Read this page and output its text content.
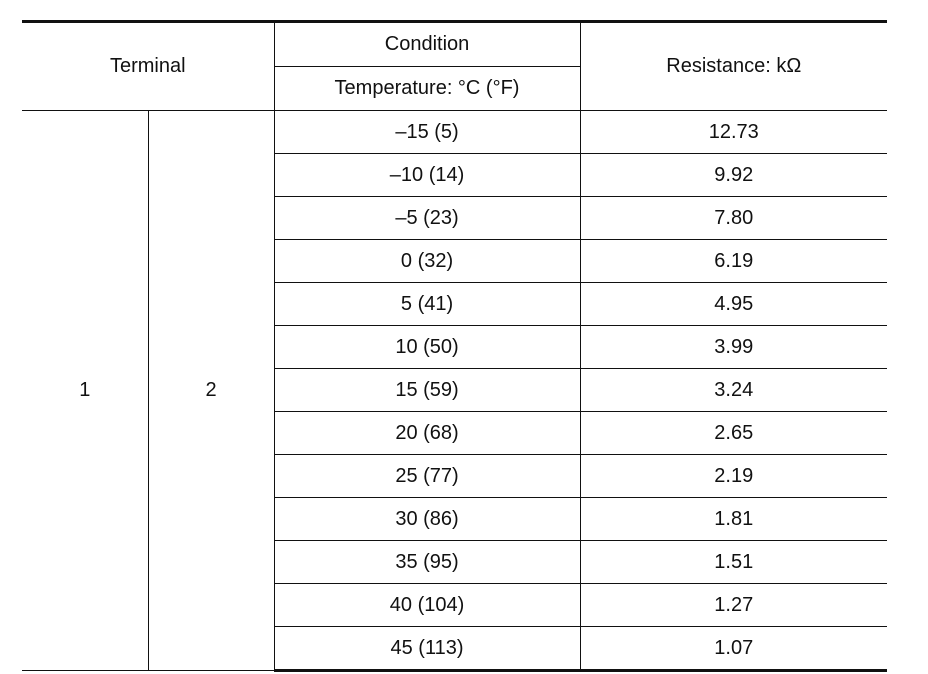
Terminal		Condition	Resistance: kΩ
		Temperature: °C (°F)	
1	2	–15 (5)	12.73
		–10 (14)	9.92
		–5 (23)	7.80
		0 (32)	6.19
		5 (41)	4.95
		10 (50)	3.99
		15 (59)	3.24
		20 (68)	2.65
		25 (77)	2.19
		30 (86)	1.81
		35 (95)	1.51
		40 (104)	1.27
		45 (113)	1.07
